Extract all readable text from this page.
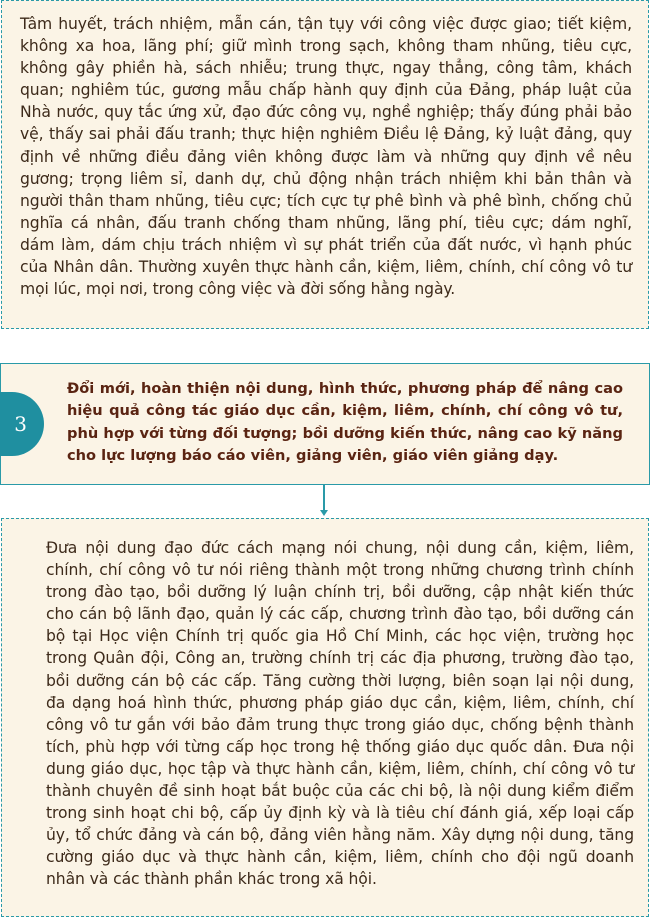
Tâm huyết, trách nhiệm, mẫn cán, tận tụy với công việc được giao; tiết kiệm, không xa hoa, lãng phí; giữ mình trong sạch, không tham nhũng, tiêu cực, không gây phiền hà, sách nhiễu; trung thực, ngay thẳng, công tâm, khách quan; nghiêm túc, gương mẫu chấp hành quy định của Đảng, pháp luật của Nhà nước, quy tắc ứng xử, đạo đức công vụ, nghề nghiệp; thấy đúng phải bảo vệ, thấy sai phải đấu tranh; thực hiện nghiêm Điều lệ Đảng, kỷ luật đảng, quy định về những điều đảng viên không được làm và những quy định về nêu gương; trọng liêm sỉ, danh dự, chủ động nhận trách nhiệm khi bản thân và người thân tham nhũng, tiêu cực; tích cực tự phê bình và phê bình, chống chủ nghĩa cá nhân, đấu tranh chống tham nhũng, lãng phí, tiêu cực; dám nghĩ, dám làm, dám chịu trách nhiệm vì sự phát triển của đất nước, vì hạnh phúc của Nhân dân. Thường xuyên thực hành cần, kiệm, liêm, chính, chí công vô tư mọi lúc, mọi nơi, trong công việc và đời sống hằng ngày.

Đổi mới, hoàn thiện nội dung, hình thức, phương pháp để nâng cao hiệu quả công tác giáo dục cần, kiệm, liêm, chính, chí công vô tư, phù hợp với từng đối tượng; bồi dưỡng kiến thức, nâng cao kỹ năng cho lực lượng báo cáo viên, giảng viên, giáo viên giảng dạy.

3

Đưa nội dung đạo đức cách mạng nói chung, nội dung cần, kiệm, liêm, chính, chí công vô tư nói riêng thành một trong những chương trình chính trong đào tạo, bồi dưỡng lý luận chính trị, bồi dưỡng, cập nhật kiến thức cho cán bộ lãnh đạo, quản lý các cấp, chương trình đào tạo, bồi dưỡng cán bộ tại Học viện Chính trị quốc gia Hồ Chí Minh, các học viện, trường học trong Quân đội, Công an, trường chính trị các địa phương, trường đào tạo, bồi dưỡng cán bộ các cấp. Tăng cường thời lượng, biên soạn lại nội dung, đa dạng hoá hình thức, phương pháp giáo dục cần, kiệm, liêm, chính, chí công vô tư gắn với bảo đảm trung thực trong giáo dục, chống bệnh thành tích, phù hợp với từng cấp học trong hệ thống giáo dục quốc dân. Đưa nội dung giáo dục, học tập và thực hành cần, kiệm, liêm, chính, chí công vô tư thành chuyên đề sinh hoạt bắt buộc của các chi bộ, là nội dung kiểm điểm trong sinh hoạt chi bộ, cấp ủy định kỳ và là tiêu chí đánh giá, xếp loại cấp ủy, tổ chức đảng và cán bộ, đảng viên hằng năm. Xây dựng nội dung, tăng cường giáo dục và thực hành cần, kiệm, liêm, chính cho đội ngũ doanh nhân và các thành phần khác trong xã hội.
